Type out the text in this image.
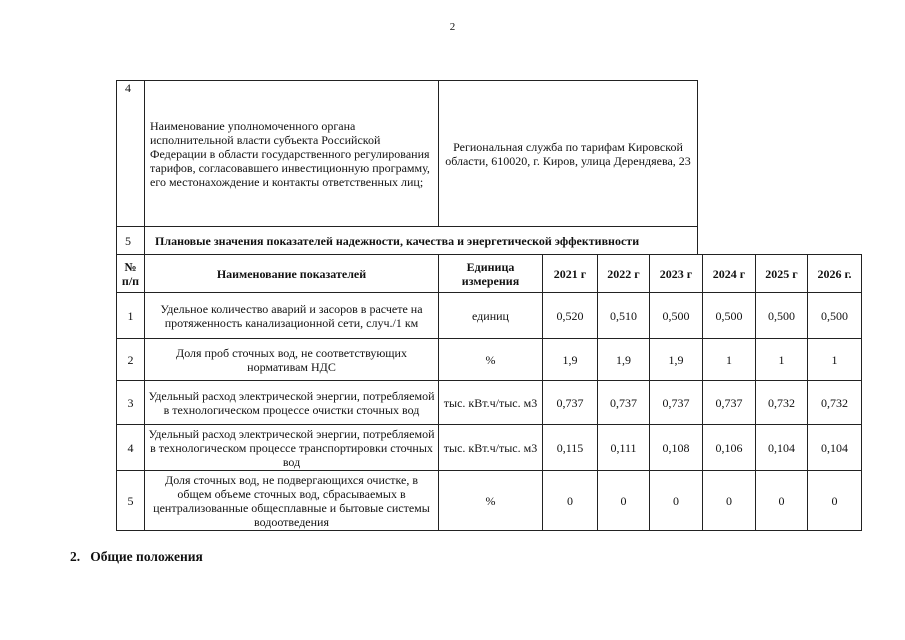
2
4	Наименование уполномоченного органа исполнительной власти субъекта Российской Федерации в области государственного регулирования тарифов, согласовавшего инвестиционную программу, его местонахождение и контакты ответственных лиц;	Региональная служба по тарифам Кировской области, 610020, г. Киров, улица Дерендяева, 23
5	Плановые значения показателей надежности, качества и энергетической эффективности	
№ п/п	Наименование показателей	Единица измерения	2021 г	2022 г	2023 г	2024 г	2025 г	2026 г.
1	Удельное количество аварий и засоров в расчете на протяженность канализационной сети, случ./1 км	единиц	0,520	0,510	0,500	0,500	0,500	0,500
2	Доля проб сточных вод, не соответствующих нормативам НДС	%	1,9	1,9	1,9	1	1	1
3	Удельный расход электрической энергии, потребляемой в технологическом процессе очистки сточных вод	тыс. кВт.ч/тыс. м3	0,737	0,737	0,737	0,737	0,732	0,732
4	Удельный расход электрической энергии, потребляемой в технологическом процессе транспортировки сточных вод	тыс. кВт.ч/тыс. м3	0,115	0,111	0,108	0,106	0,104	0,104
5	Доля сточных вод, не подвергающихся очистке, в общем объеме сточных вод, сбрасываемых в централизованные общесплавные и бытовые системы водоотведения	%	0	0	0	0	0	0
2.   Общие положения
